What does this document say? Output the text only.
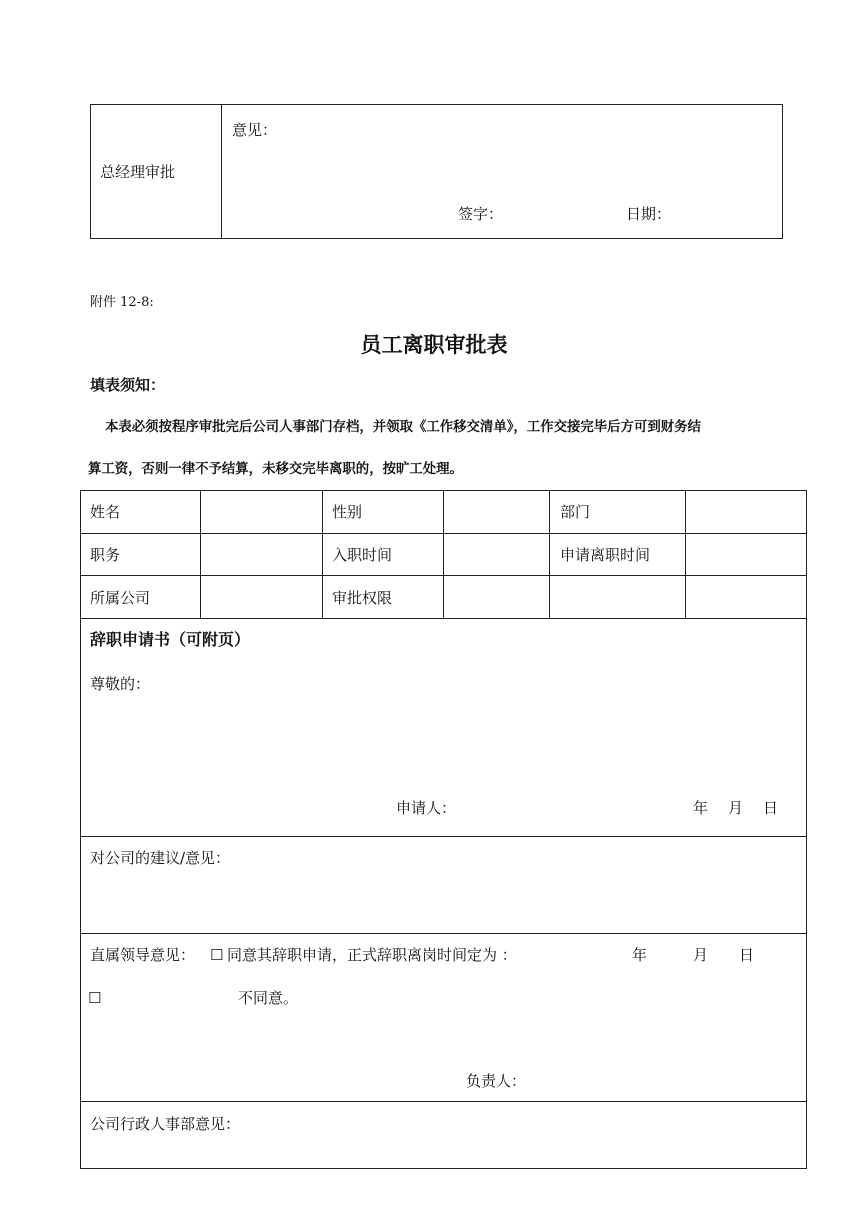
总经理审批
意见：
签字：	日期：
附件 12-8:
员工离职审批表
填表须知：
本表必须按程序审批完后公司人事部门存档，并领取《工作移交清单》，工作交接完毕后方可到财务结
算工资，否则一律不予结算，未移交完毕离职的，按旷工处理。
姓名	性别	部门
职务	入职时间	申请离职时间
所属公司	审批权限
辞职申请书（可附页）
尊敬的：
申请人：	年 月 日
对公司的建议/意见：
直属领导意见： ☐ 同意其辞职申请，正式辞职离岗时间定为 ：	年	月 日
☐	不同意。
负责人：
公司行政人事部意见：
